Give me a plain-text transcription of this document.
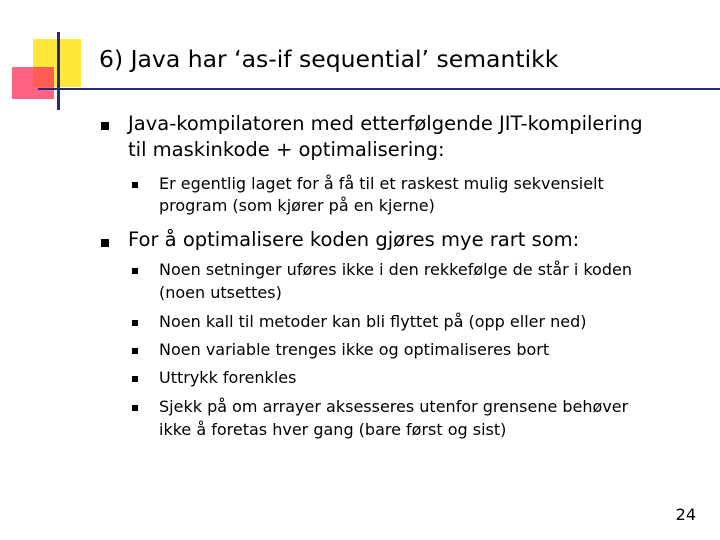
6) Java har ‘as-if sequential’ semantikk
Java-kompilatoren med etterfølgende JIT-kompilering
til maskinkode + optimalisering:
Er egentlig laget for å få til et raskest mulig sekvensielt
program (som kjører på en kjerne)
For å optimalisere koden gjøres mye rart som:
Noen setninger uføres ikke i den rekkefølge de står i koden
(noen utsettes)
Noen kall til metoder kan bli flyttet på (opp eller ned)
Noen variable trenges ikke og optimaliseres bort
Uttrykk forenkles
Sjekk på om arrayer aksesseres utenfor grensene behøver
ikke å foretas hver gang (bare først og sist)
24
